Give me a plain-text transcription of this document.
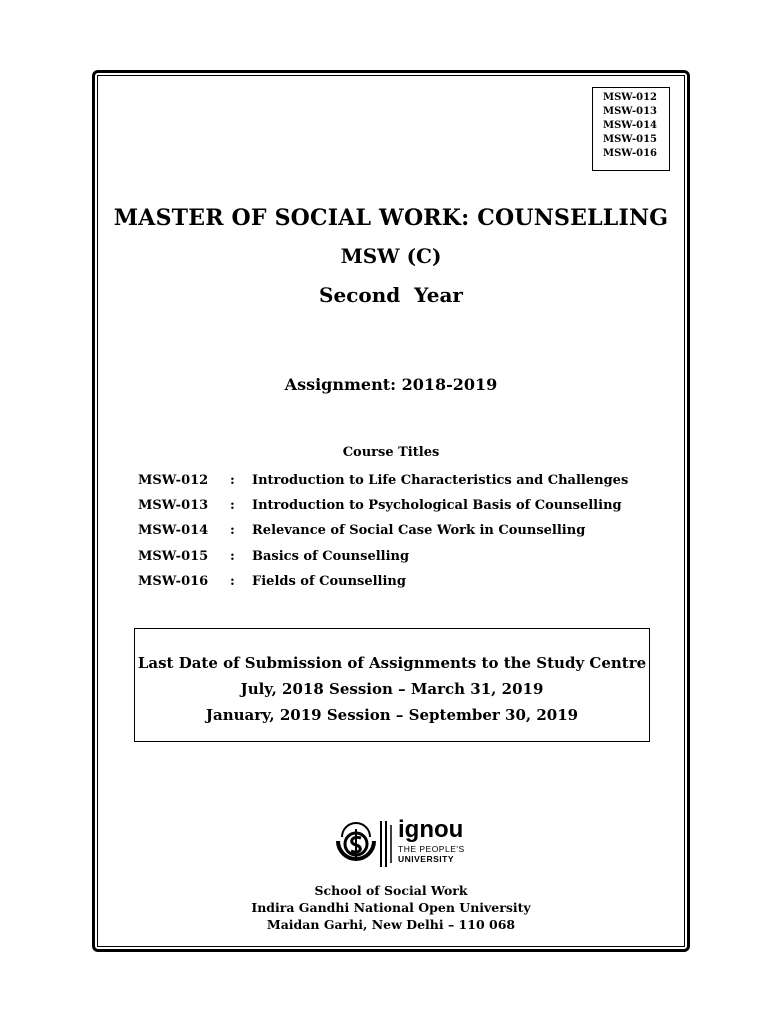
MSW-012
MSW-013
MSW-014
MSW-015
MSW-016
MASTER OF SOCIAL WORK: COUNSELLING
MSW (C)
Second  Year
Assignment: 2018-2019
Course Titles
MSW-012	:	Introduction to Life Characteristics and Challenges
MSW-013	:	Introduction to Psychological Basis of Counselling
MSW-014	:	Relevance of Social Case Work in Counselling
MSW-015	:	Basics of Counselling
MSW-016	:	Fields of Counselling
Last Date of Submission of Assignments to the Study Centre
July, 2018 Session – March 31, 2019
January, 2019 Session – September 30, 2019
ignou
THE PEOPLE'S
UNIVERSITY
School of Social Work
Indira Gandhi National Open University
Maidan Garhi, New Delhi – 110 068
